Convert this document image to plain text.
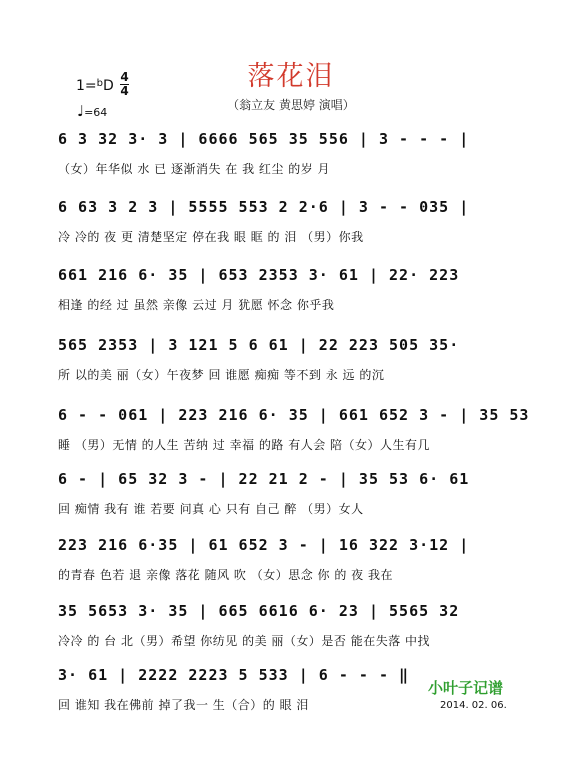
落花泪
（翁立友 黄思婷 演唱）
1=$^b$D
4
4
♩=64
6 3 32 3· 3 | 6666 565 35 556 | 3 - - - |
（女）年华似 水 已 逐渐消失 在 我 红尘 的岁 月
6 63 3 2 3 | 5555 553 2 2·6 | 3 - - 035 |
冷 冷的 夜 更 清楚坚定 停在我 眼 眶 的 泪 （男）你我
661 216 6· 35 | 653 2353 3· 61 | 22· 223
相逢 的经 过 虽然 亲像 云过 月 犹愿 怀念 你乎我
565 2353 | 3 121 5 6 61 | 22 223 505 35·
所 以的美 丽（女）午夜梦 回 谁愿 痴痴 等不到 永 远 的沉
6 - - 061 | 223 216 6· 35 | 661 652 3 - | 35 53
睡 （男）无情 的人生 苦纳 过 幸福 的路 有人会 陪（女）人生有几
6 - | 65 32 3 - | 22 21 2 - | 35 53 6· 61
回 痴情 我有 谁 若要 问真 心 只有 自己 醉 （男）女人
223 216 6·35 | 61 652 3 - | 16 322 3·12 |
的青春 色若 退 亲像 落花 随风 吹 （女）思念 你 的 夜 我在
35 5653 3· 35 | 665 6616 6· 23 | 5565 32
冷冷 的 台 北（男）希望 你纺见 的美 丽（女）是否 能在失落 中找
3· 61 | 2222 2223 5 533 | 6 - - - ‖
回 谁知 我在佛前 掉了我一 生（合）的 眼 泪
小叶子记谱
2014. 02. 06.
